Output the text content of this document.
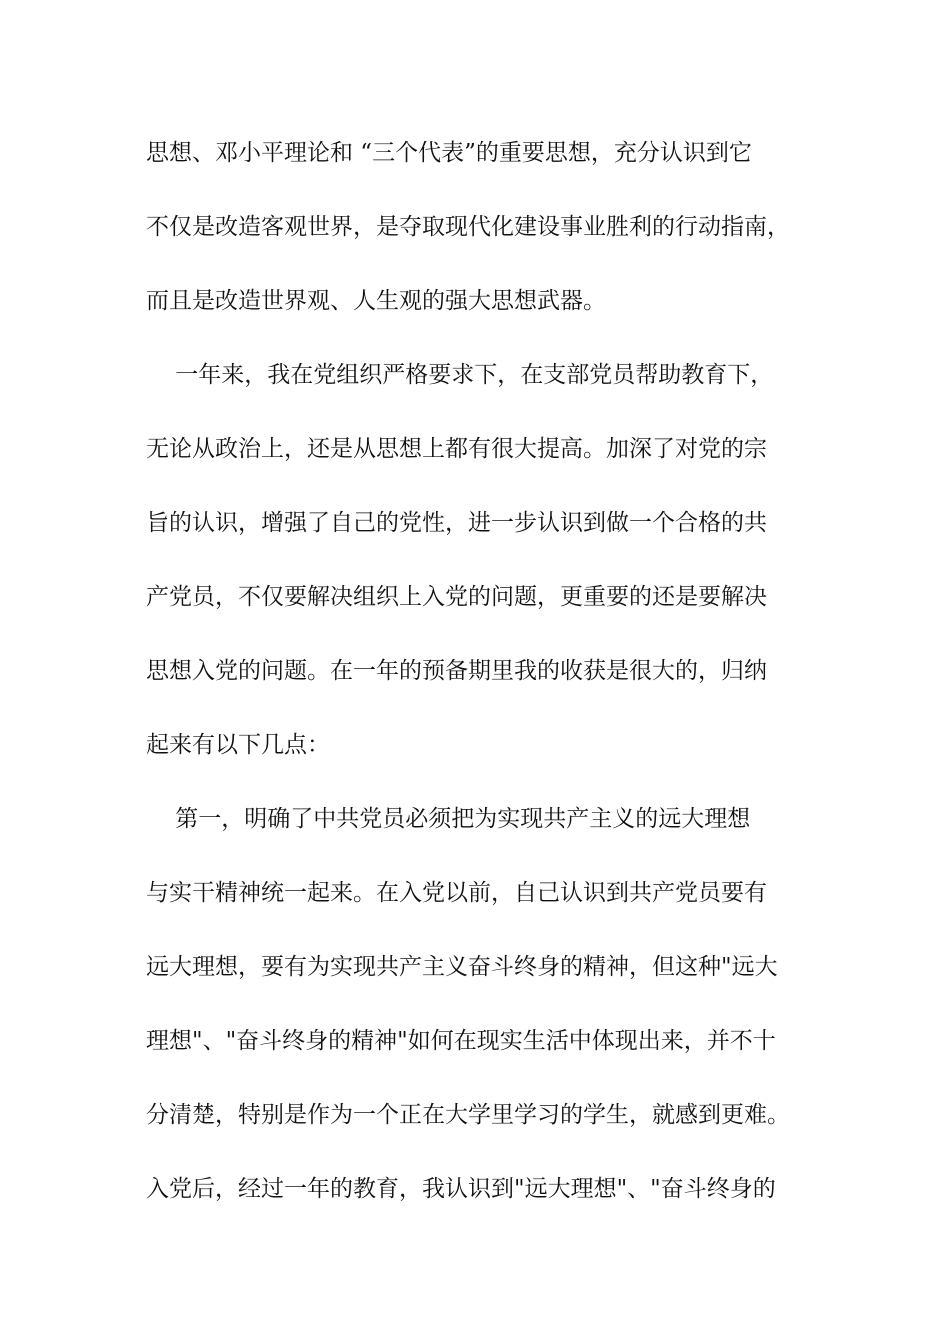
思想、邓小平理论和 “三个代表”的重要思想，充分认识到它
不仅是改造客观世界，是夺取现代化建设事业胜利的行动指南，
而且是改造世界观、人生观的强大思想武器。
一年来，我在党组织严格要求下，在支部党员帮助教育下，
无论从政治上，还是从思想上都有很大提高。加深了对党的宗
旨的认识，增强了自己的党性，进一步认识到做一个合格的共
产党员，不仅要解决组织上入党的问题，更重要的还是要解决
思想入党的问题。在一年的预备期里我的收获是很大的，归纳
起来有以下几点：
第一，明确了中共党员必须把为实现共产主义的远大理想
与实干精神统一起来。在入党以前，自己认识到共产党员要有
远大理想，要有为实现共产主义奋斗终身的精神，但这种"远大
理想"、"奋斗终身的精神"如何在现实生活中体现出来，并不十
分清楚，特别是作为一个正在大学里学习的学生，就感到更难。
入党后，经过一年的教育，我认识到"远大理想"、"奋斗终身的
